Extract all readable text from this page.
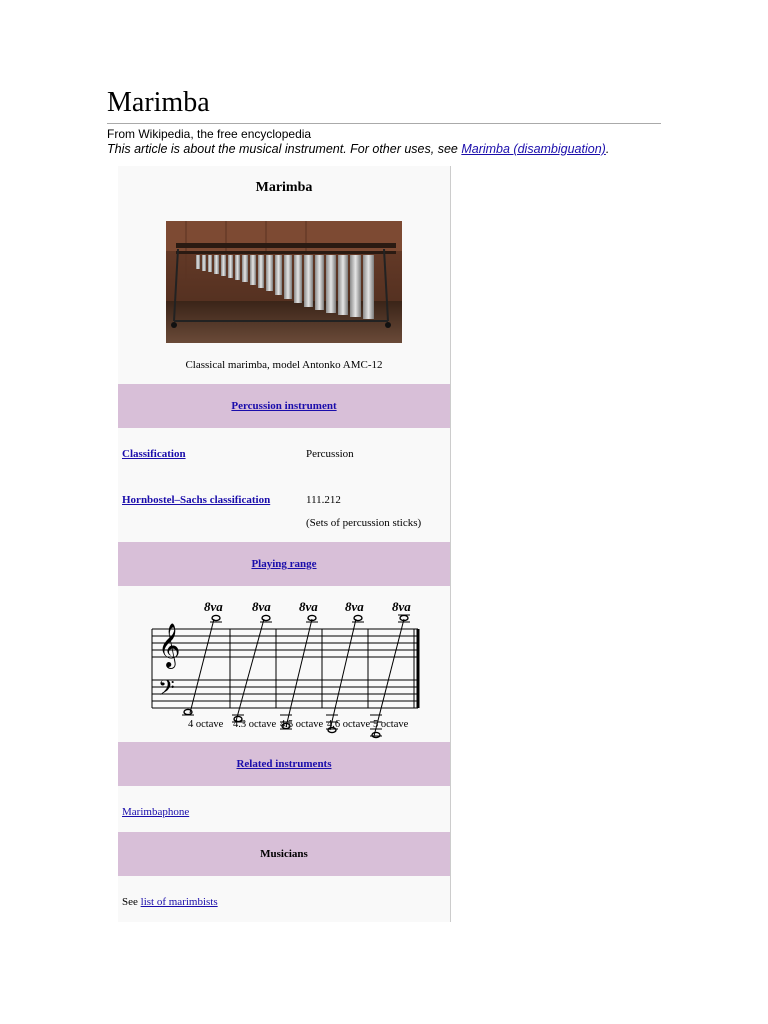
Marimba
From Wikipedia, the free encyclopedia
This article is about the musical instrument. For other uses, see Marimba (disambiguation).
Marimba
Classical marimba, model Antonko AMC-12
Percussion instrument
Classification	Percussion
Hornbostel–Sachs classification	111.212
(Sets of percussion sticks)
Playing range
𝄞
𝄢
8va 8va 8va 8va 8va
4 octave 4.3 octave 4.5 octave 4.6 octave 5 octave
Related instruments
Marimbaphone
Musicians
See list of marimbists
